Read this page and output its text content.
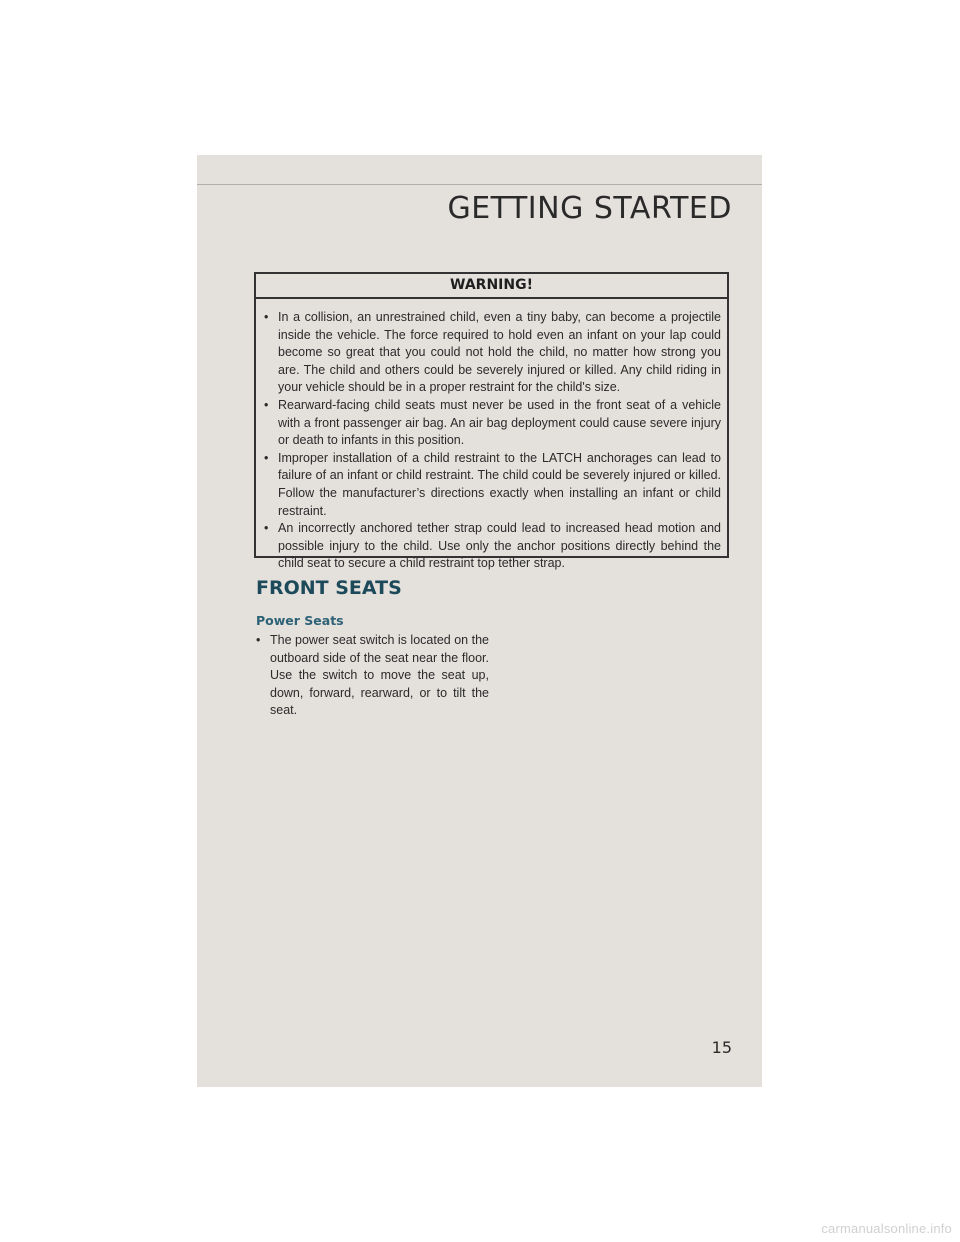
GETTING STARTED
WARNING!
• In a collision, an unrestrained child, even a tiny baby, can become a projectile inside the vehicle. The force required to hold even an infant on your lap could become so great that you could not hold the child, no matter how strong you are. The child and others could be severely injured or killed. Any child riding in your vehicle should be in a proper restraint for the child's size.
• Rearward-facing child seats must never be used in the front seat of a vehicle with a front passenger air bag. An air bag deployment could cause severe injury or death to infants in this position.
• Improper installation of a child restraint to the LATCH anchorages can lead to failure of an infant or child restraint. The child could be severely injured or killed. Follow the manufacturer’s directions exactly when installing an infant or child restraint.
• An incorrectly anchored tether strap could lead to increased head motion and possible injury to the child. Use only the anchor positions directly behind the child seat to secure a child restraint top tether strap.
FRONT SEATS
Power Seats
• The power seat switch is located on the outboard side of the seat near the floor. Use the switch to move the seat up, down, forward, rearward, or to tilt the seat.
15
carmanualsonline.info
